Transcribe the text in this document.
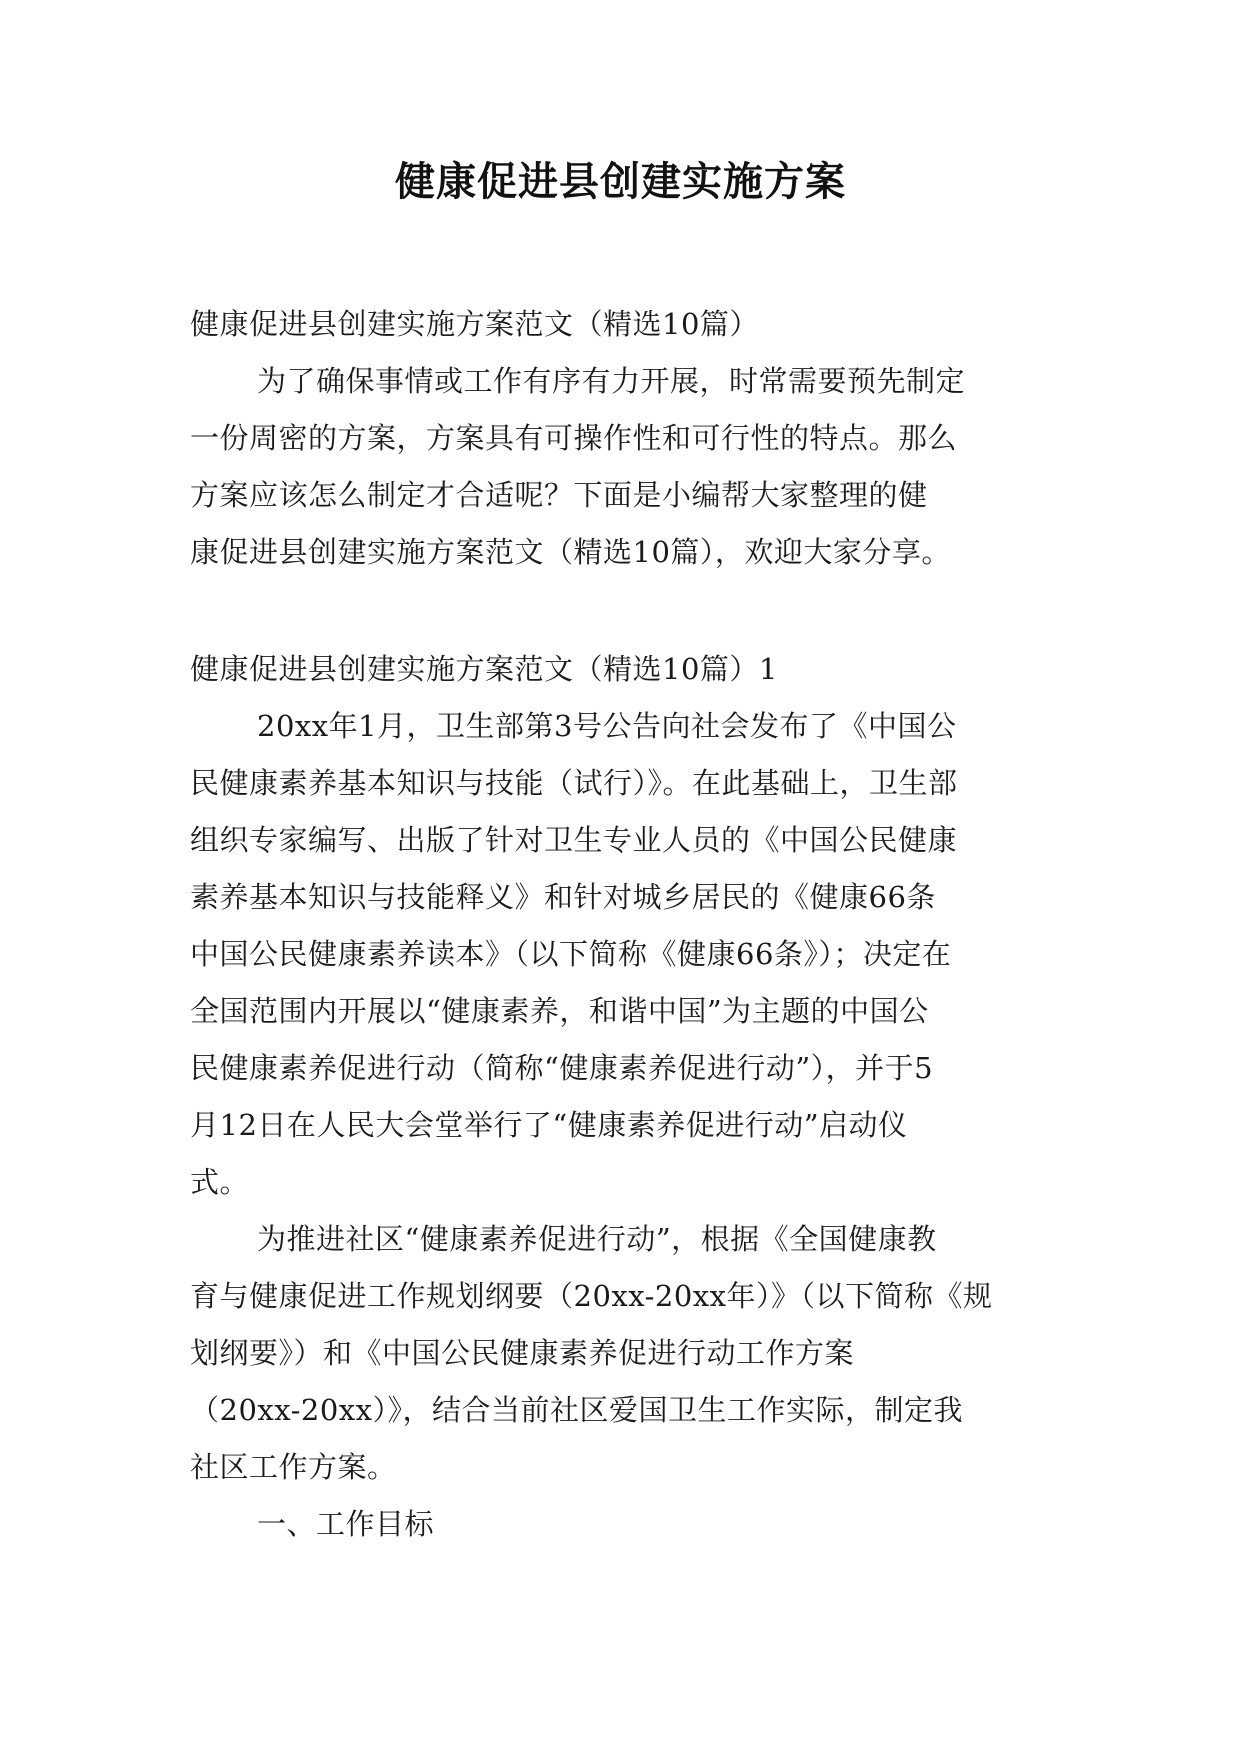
健康促进县创建实施方案
健康促进县创建实施方案范文（精选10篇）
为了确保事情或工作有序有力开展，时常需要预先制定
一份周密的方案，方案具有可操作性和可行性的特点。那么
方案应该怎么制定才合适呢？下面是小编帮大家整理的健
康促进县创建实施方案范文（精选10篇），欢迎大家分享。
健康促进县创建实施方案范文（精选10篇）1
20xx年1月，卫生部第3号公告向社会发布了《中国公
民健康素养基本知识与技能（试行）》。在此基础上，卫生部
组织专家编写、出版了针对卫生专业人员的《中国公民健康
素养基本知识与技能释义》和针对城乡居民的《健康66条
中国公民健康素养读本》（以下简称《健康66条》）；决定在
全国范围内开展以“健康素养，和谐中国”为主题的中国公
民健康素养促进行动（简称“健康素养促进行动”），并于5
月12日在人民大会堂举行了“健康素养促进行动”启动仪
式。
为推进社区“健康素养促进行动”，根据《全国健康教
育与健康促进工作规划纲要（20xx-20xx年）》（以下简称《规
划纲要》）和《中国公民健康素养促进行动工作方案
（20xx-20xx）》，结合当前社区爱国卫生工作实际，制定我
社区工作方案。
一、工作目标
